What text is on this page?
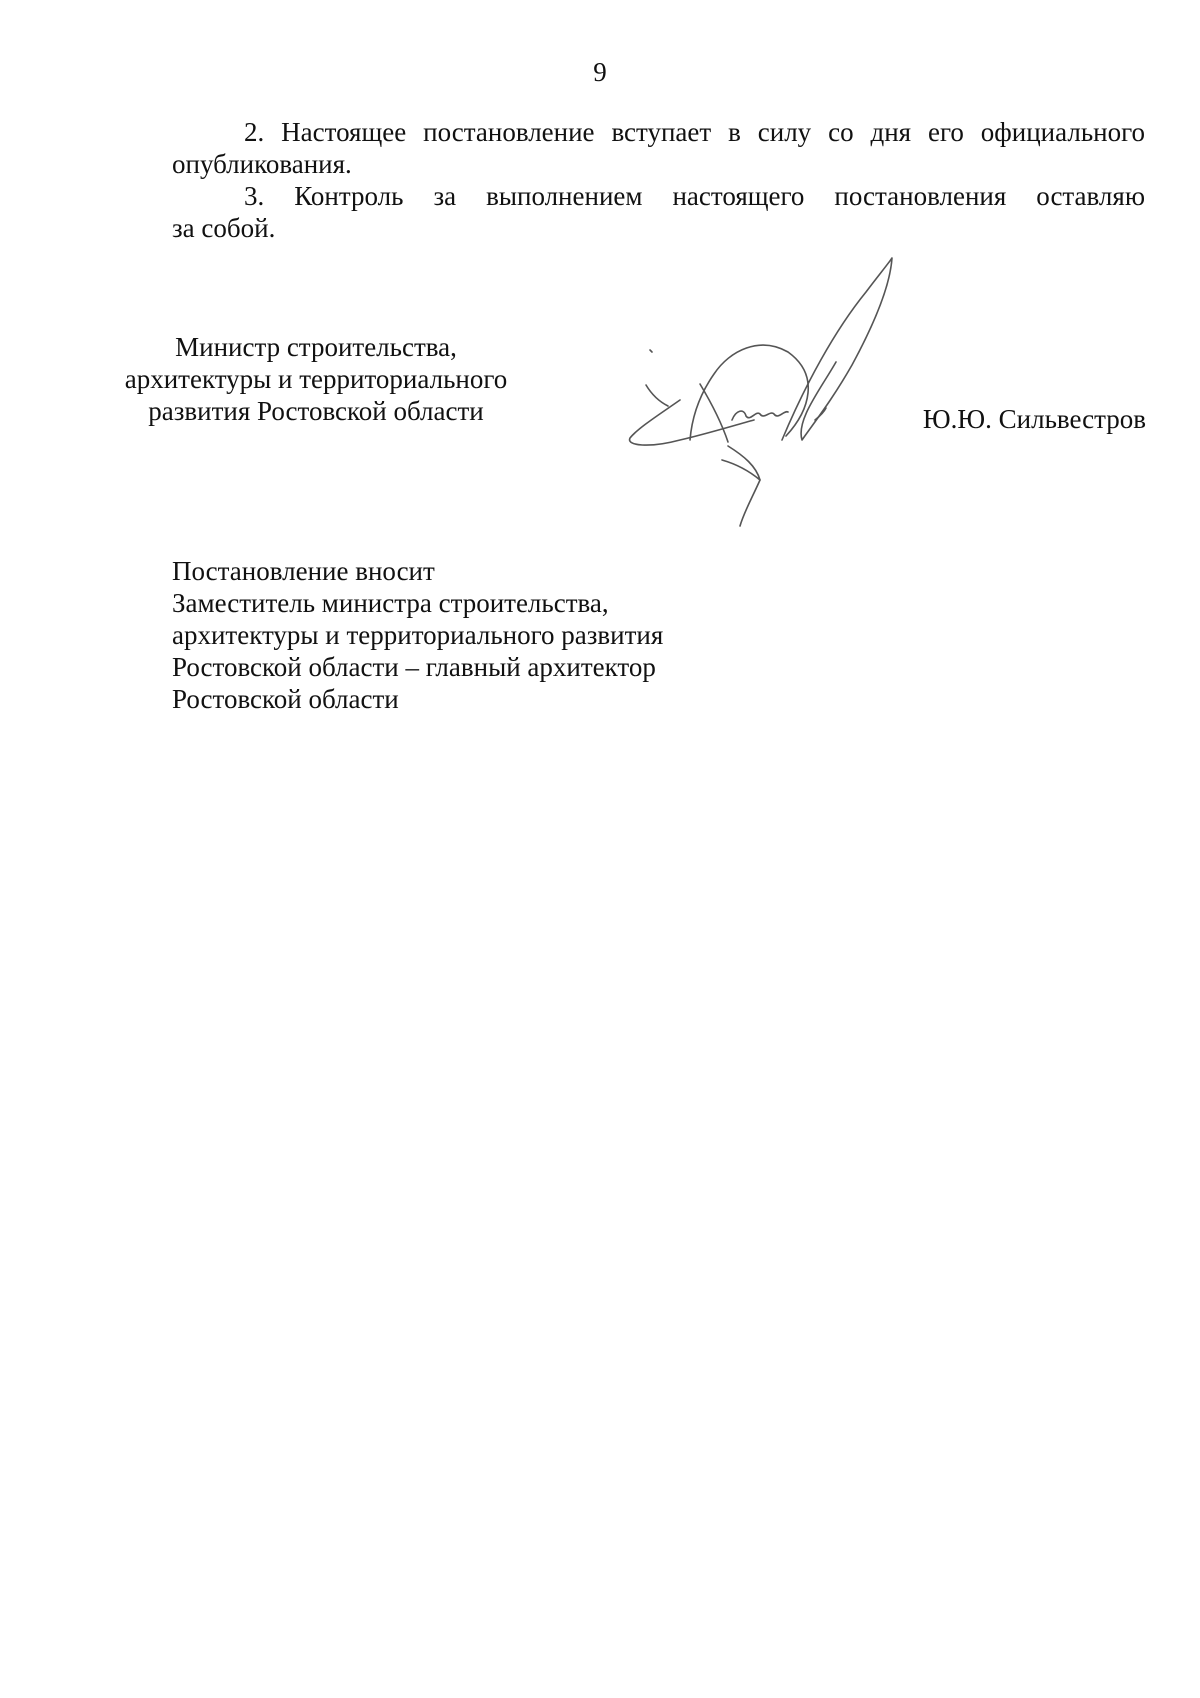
9

2. Настоящее постановление вступает в силу со дня его официального
опубликования.

3. Контроль за выполнением настоящего постановления оставляю
за собой.

Министр строительства,
архитектуры и территориального
развития Ростовской области	Ю.Ю. Сильвестров
Постановление вносит
Заместитель министра строительства,
архитектуры и территориального развития
Ростовской области – главный архитектор
Ростовской области
